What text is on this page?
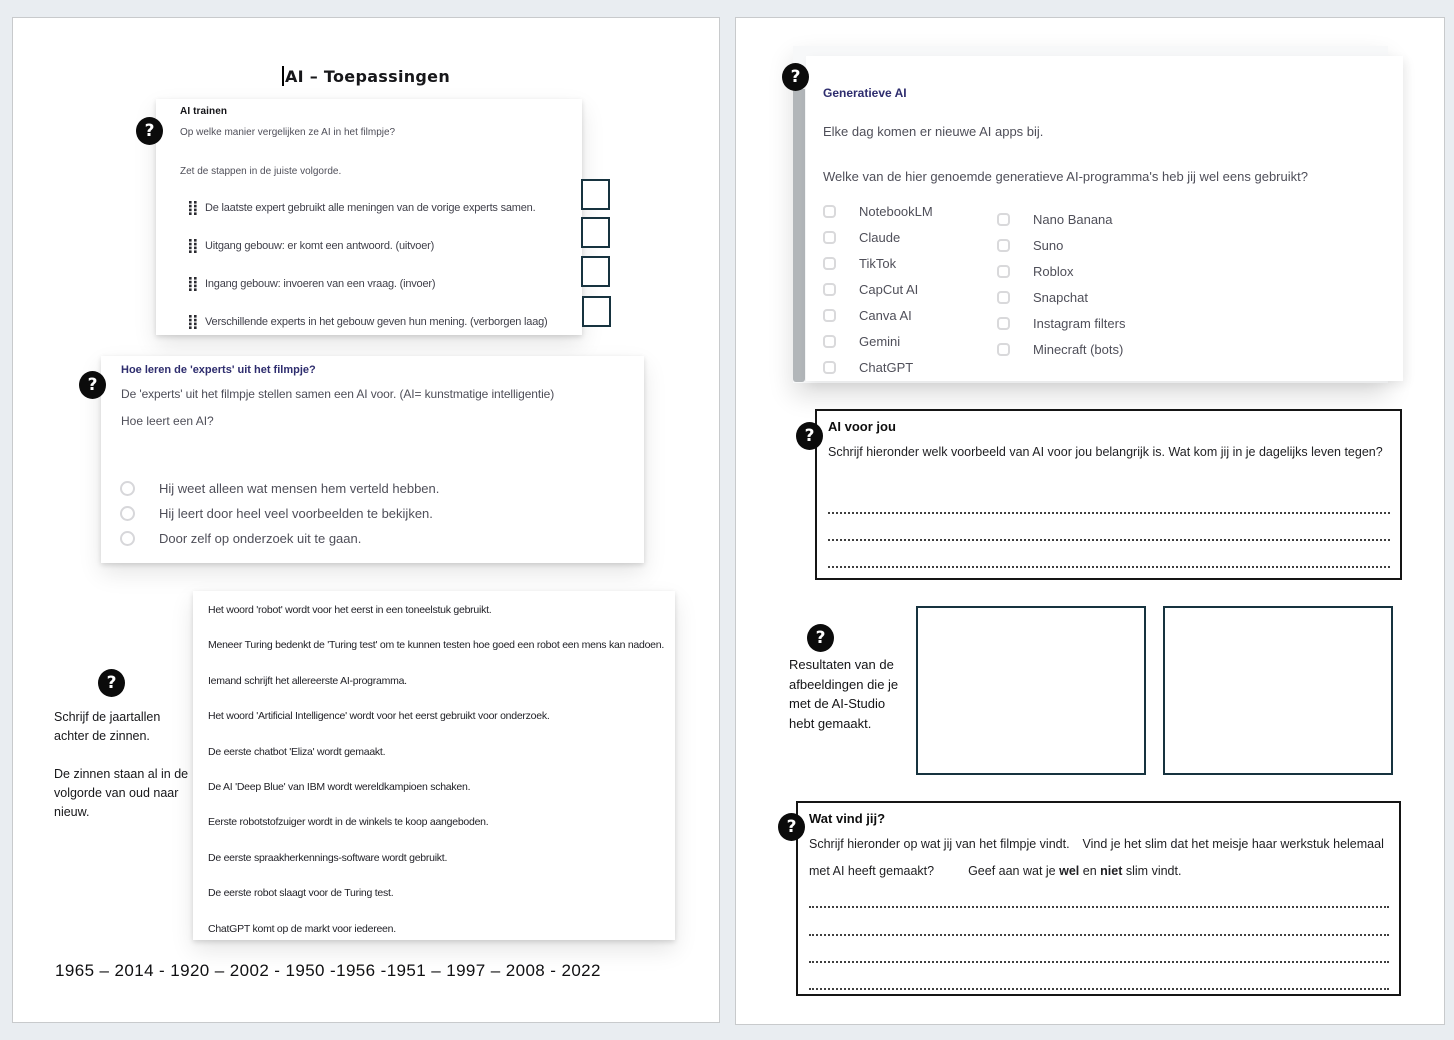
AI – Toepassingen
?
AI trainen
Op welke manier vergelijken ze AI in het filmpje?
Zet de stappen in de juiste volgorde.
De laatste expert gebruikt alle meningen van de vorige experts samen.
Uitgang gebouw: er komt een antwoord. (uitvoer)
Ingang gebouw: invoeren van een vraag. (invoer)
Verschillende experts in het gebouw geven hun mening. (verborgen laag)
?
Hoe leren de 'experts' uit het filmpje?
De 'experts' uit het filmpje stellen samen een AI voor. (AI= kunstmatige intelligentie)
Hoe leert een AI?
Hij weet alleen wat mensen hem verteld hebben.
Hij leert door heel veel voorbeelden te bekijken.
Door zelf op onderzoek uit te gaan.
Het woord 'robot' wordt voor het eerst in een toneelstuk gebruikt.
Meneer Turing bedenkt de 'Turing test' om te kunnen testen hoe goed een robot een mens kan nadoen.
Iemand schrijft het allereerste AI-programma.
Het woord 'Artificial Intelligence' wordt voor het eerst gebruikt voor onderzoek.
De eerste chatbot 'Eliza' wordt gemaakt.
De AI 'Deep Blue' van IBM wordt wereldkampioen schaken.
Eerste robotstofzuiger wordt in de winkels te koop aangeboden.
De eerste spraakherkennings-software wordt gebruikt.
De eerste robot slaagt voor de Turing test.
ChatGPT komt op de markt voor iedereen.
?
Schrijf de jaartallen achter de zinnen.
De zinnen staan al in de volgorde van oud naar nieuw.
1965 – 2014 - 1920 – 2002 - 1950 -1956 -1951 – 1997 – 2008 - 2022
?
Generatieve AI
Elke dag komen er nieuwe AI apps bij.
Welke van de hier genoemde generatieve AI-programma's heb jij wel eens gebruikt?
NotebookLM
Claude
TikTok
CapCut AI
Canva AI
Gemini
ChatGPT
Nano Banana
Suno
Roblox
Snapchat
Instagram filters
Minecraft (bots)
?	AI voor jou
Schrijf hieronder welk voorbeeld van AI voor jou belangrijk is. Wat kom jij in je dagelijks leven tegen?
?
Resultaten van de afbeeldingen die je met de AI-Studio hebt gemaakt.
? Wat vind jij?
Schrijf hieronder op wat jij van het filmpje vindt. Vind je het slim dat het meisje haar werkstuk helemaal met AI heeft gemaakt?	Geef aan wat je wel en niet slim vindt.
